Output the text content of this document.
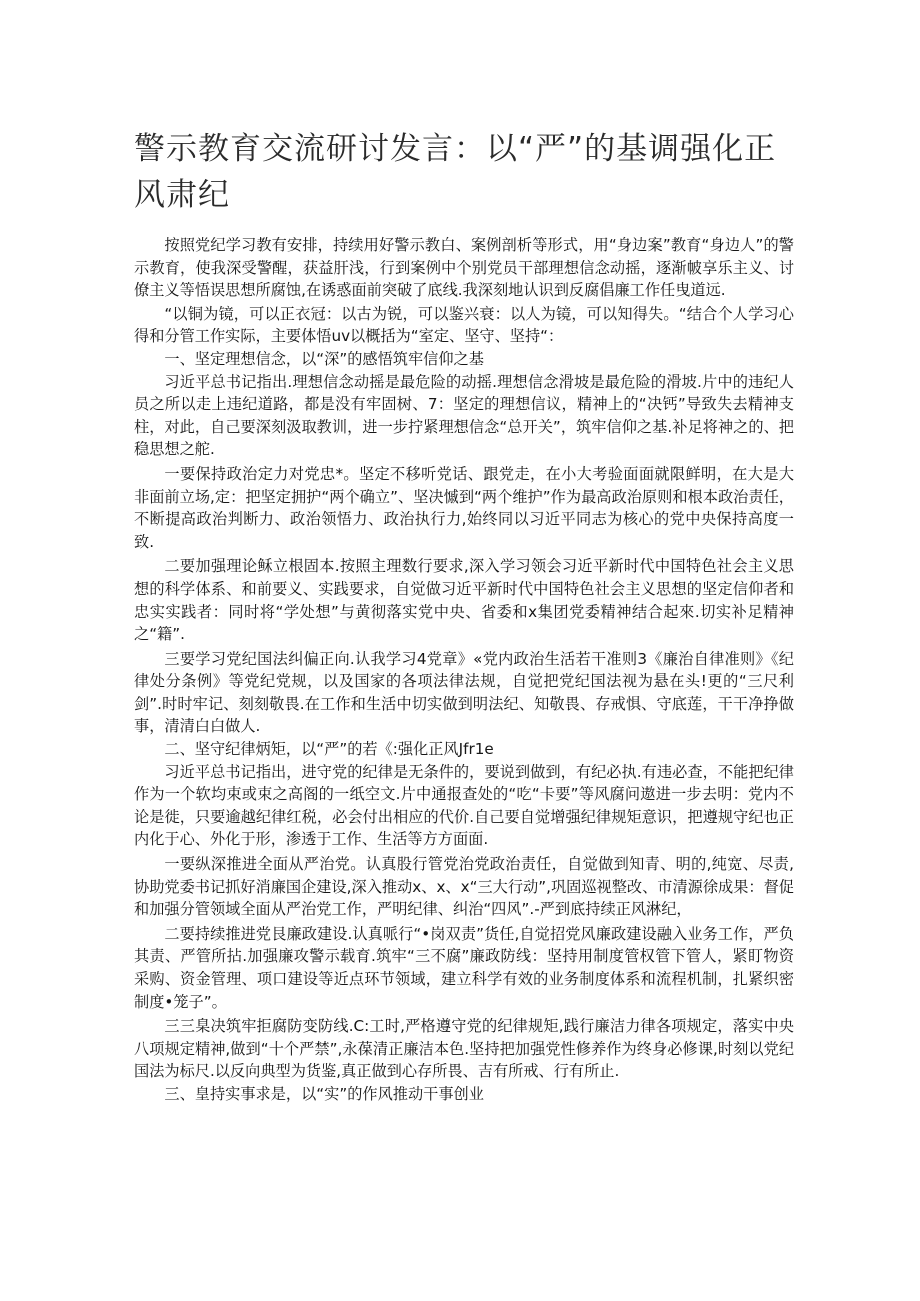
警示教育交流研讨发言：以“严”的基调强化正风肃纪

按照党纪学习教有安排，持续用好警示教白、案例剖析等形式，用“身边案”教育“身边人”的警示教育，使我深受警醒，获益肝浅，行到案例中个别党员干部理想信念动摇，逐渐帔享乐主义、讨僚主义等悟误思想所腐蚀,在诱惑面前突破了底线.我深刻地认识到反腐倡廉工作任曳道远.

“以铜为镜，可以正衣冠：以古为锐，可以鉴兴衰：以人为镜，可以知得失。“结合个人学习心得和分管工作实际，主要体悟uv以概括为“室定、坚守、坚持“：

一、坚定理想信念，以“深”的感悟筑牢信仰之基

习近平总书记指出.理想信念动摇是最危险的动摇.理想信念滑坡是最危险的滑坡.片中的违纪人员之所以走上违纪道路，都是没有牢固树、7：坚定的理想信议，精神上的“决钙”导致失去精神支柱，对此，自己要深刻汲取教训，进一步拧紧理想信念“总开关”，筑牢信仰之基.补足将神之的、把稳思想之舵.

一要保持政治定力对党忠*。坚定不移听党话、跟党走，在小大考验面面就限鲜明，在大是大非面前立场,定：把坚定拥护“两个确立”、坚决慽到“两个维护”作为最高政治原则和根本政治责任，不断提高政治判断力、政治领悟力、政治执行力,始终同以习近平同志为核心的党中央保持高度一致.

二要加强理论稣立根固本.按照主理数行要求,深入学习领会习近平新时代中国特色社会主义思想的科学体系、和前要义、实践要求，自觉做习近平新时代中国特色社会主义思想的坚定信仰者和忠实实践者：同时将“学处想”与黄彻落实党中央、省委和x集团党委精神结合起來.切实补足精神之“籍”.

三要学习党纪国法纠偏正向.认我学习4党章》«党内政治生活若干准则3《廉治自律准则》《纪律处分条例》等党纪党规，以及国家的各项法律法规，自觉把党纪国法视为悬在头!更的“三尺利剑”.时时牢记、刻刻敬畏.在工作和生活中切实做到明法纪、知敬畏、存戒惧、守底莲，干干净挣做事，清清白白做人.

二、坚守纪律炳矩，以“严”的若《:强化正风Jfr1e

习近平总书记指出，进守党的纪律是无条件的，要说到做到，有纪必执.有违必查，不能把纪律作为一个软均束或束之高阁的一纸空文.片中通报查处的“吃“卡要”等风腐问遨进一步去明：党内不论是徙，只要逾越纪律红税，必会付出相应的代价.自己要自觉增强纪律规矩意识，把遵规守纪也正内化于心、外化于形，渗透于工作、生活等方方面面.

一要纵深推进全面从严治党。认真股行管党治党政治责任，自觉做到知青、明的,纯宽、尽责,协助党委书记抓好消廉国企建设,深入推动x、x、x“三大行动”,巩固巡视整改、市清源徐成果：督促和加强分管领域全面从严治党工作，严明纪律、纠治“四风”.-严到底持续正风淋纪，

二要持续推进党艮廉政建设.认真哌行“•岗双责”货任,自觉招党风廉政建设融入业务工作，严负其责、严管所拈.加强廉攻警示载育.筑牢“三不腐”廉政防线：坚持用制度管权管下管人，紧盯物资采购、资金管理、项口建设等近点环节领域，建立科学有效的业务制度体系和流程机制，扎紧织密制度•笼子”。

三三臬决筑牢拒腐防变防线.C:工时,严格遵守党的纪律规矩,践行廉洁力律各项规定，落实中央八项规定精神,做到“十个严禁”,永葆清正廉洁本色.坚持把加强党性修养作为终身必修课,时刻以党纪国法为标尺.以反向典型为货鉴,真正做到心存所畏、吉有所戒、行有所止.

三、皇持实事求是，以“实”的作风推动干事创业
